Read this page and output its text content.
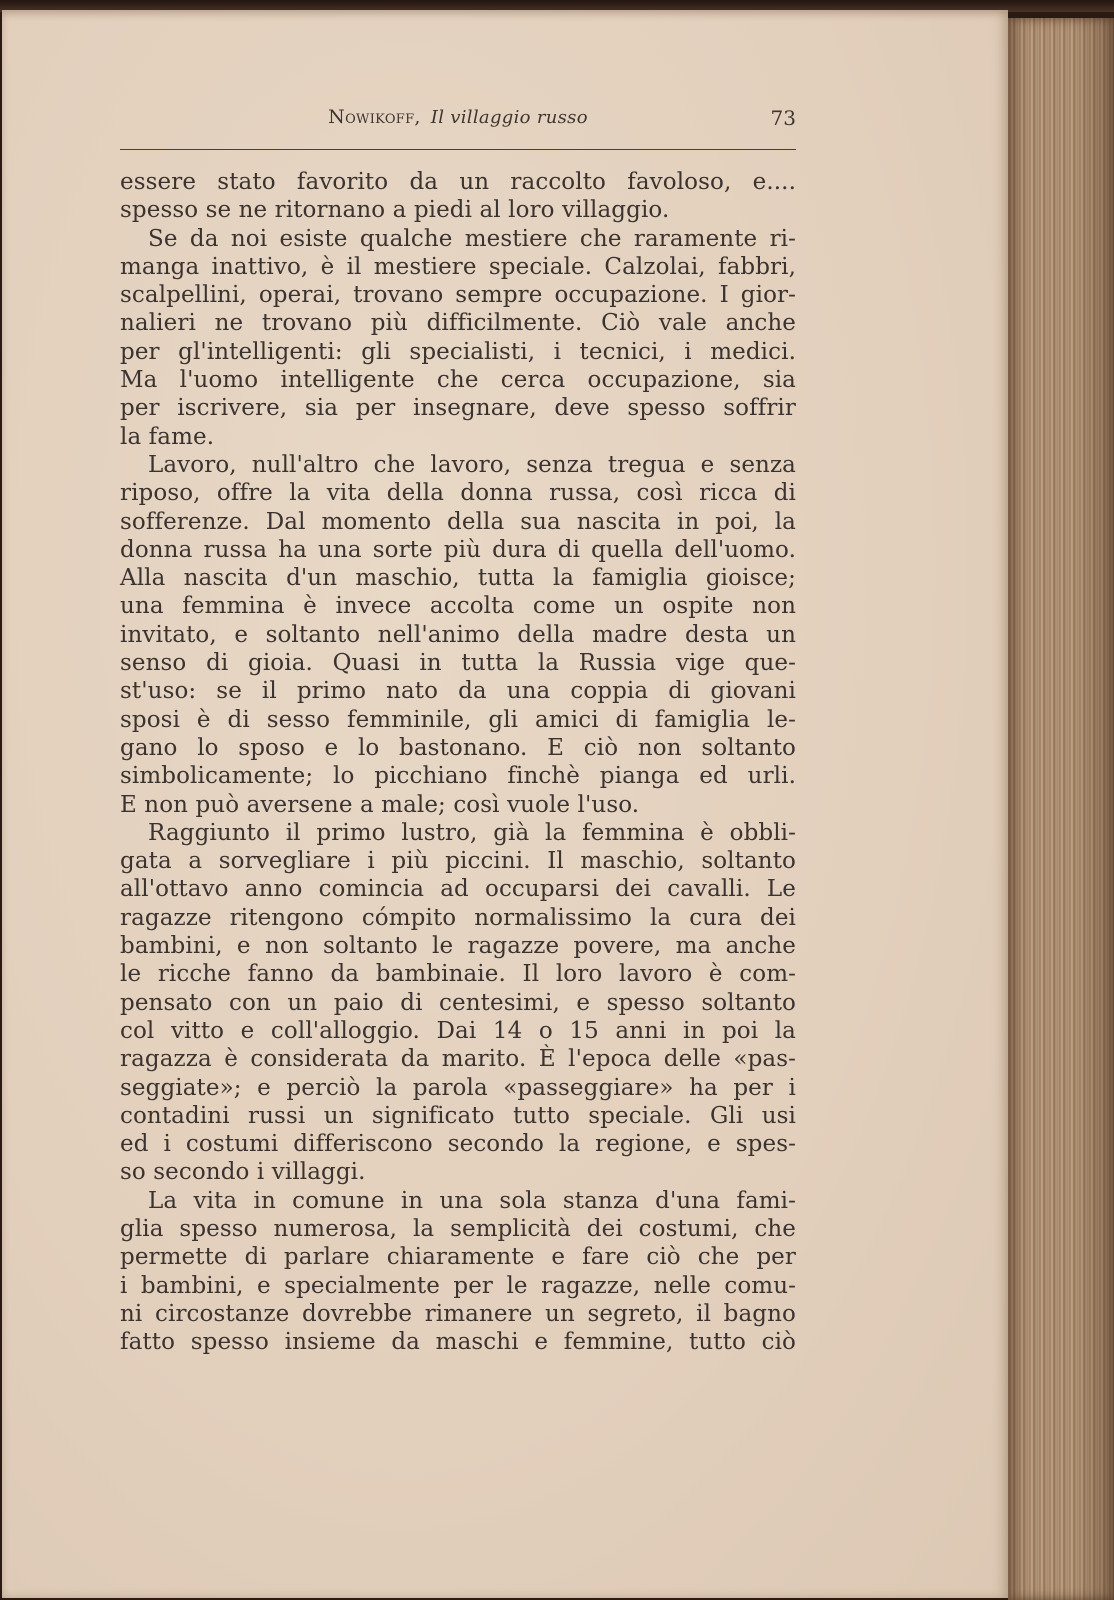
Nowikoff, Il villaggio russo	73
essere stato favorito da un raccolto favoloso, e....
spesso se ne ritornano a piedi al loro villaggio.
Se da noi esiste qualche mestiere che raramente ri-
manga inattivo, è il mestiere speciale. Calzolai, fabbri,
scalpellini, operai, trovano sempre occupazione. I gior-
nalieri ne trovano più difficilmente. Ciò vale anche
per gl'intelligenti: gli specialisti, i tecnici, i medici.
Ma l'uomo intelligente che cerca occupazione, sia
per iscrivere, sia per insegnare, deve spesso soffrir
la fame.
Lavoro, null'altro che lavoro, senza tregua e senza
riposo, offre la vita della donna russa, così ricca di
sofferenze. Dal momento della sua nascita in poi, la
donna russa ha una sorte più dura di quella dell'uomo.
Alla nascita d'un maschio, tutta la famiglia gioisce;
una femmina è invece accolta come un ospite non
invitato, e soltanto nell'animo della madre desta un
senso di gioia. Quasi in tutta la Russia vige que-
st'uso: se il primo nato da una coppia di giovani
sposi è di sesso femminile, gli amici di famiglia le-
gano lo sposo e lo bastonano. E ciò non soltanto
simbolicamente; lo picchiano finchè pianga ed urli.
E non può aversene a male; così vuole l'uso.
Raggiunto il primo lustro, già la femmina è obbli-
gata a sorvegliare i più piccini. Il maschio, soltanto
all'ottavo anno comincia ad occuparsi dei cavalli. Le
ragazze ritengono cómpito normalissimo la cura dei
bambini, e non soltanto le ragazze povere, ma anche
le ricche fanno da bambinaie. Il loro lavoro è com-
pensato con un paio di centesimi, e spesso soltanto
col vitto e coll'alloggio. Dai 14 o 15 anni in poi la
ragazza è considerata da marito. È l'epoca delle «pas-
seggiate»; e perciò la parola «passeggiare» ha per i
contadini russi un significato tutto speciale. Gli usi
ed i costumi differiscono secondo la regione, e spes-
so secondo i villaggi.
La vita in comune in una sola stanza d'una fami-
glia spesso numerosa, la semplicità dei costumi, che
permette di parlare chiaramente e fare ciò che per
i bambini, e specialmente per le ragazze, nelle comu-
ni circostanze dovrebbe rimanere un segreto, il bagno
fatto spesso insieme da maschi e femmine, tutto ciò
